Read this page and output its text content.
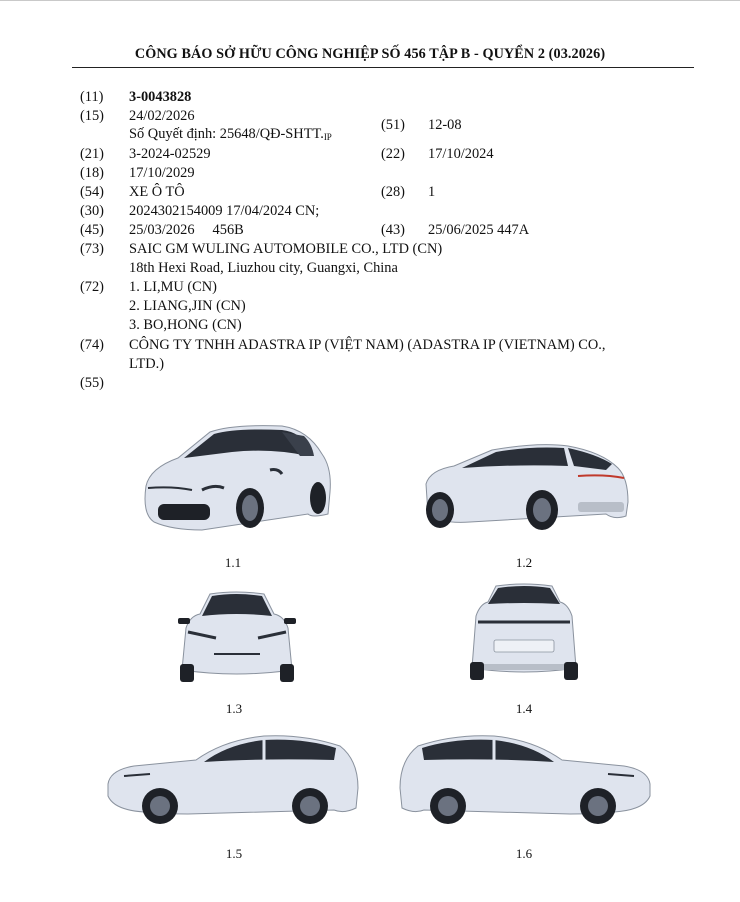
CÔNG BÁO SỞ HỮU CÔNG NGHIỆP SỐ 456 TẬP B - QUYỂN 2 (03.2026)
(11) 3-0043828
(15) 24/02/2026
Số Quyết định: $25648/QĐ-SHTT._{IP}$
(51) 12-08
(21) 3-2024-02529	(22) 17/10/2024
(18) 17/10/2029
(54) XE Ô TÔ	(28) 1
(30) 2024302154009 17/04/2024 CN;
(45) 25/03/2026     456B	(43) 25/06/2025 447A
(73) SAIC GM WULING AUTOMOBILE CO., LTD (CN)
18th Hexi Road, Liuzhou city, Guangxi, China
(72) 1. LI,MU (CN)
2. LIANG,JIN (CN)
3. BO,HONG (CN)
(74) CÔNG TY TNHH ADASTRA IP (VIỆT NAM) (ADASTRA IP (VIETNAM) CO.,
LTD.)
(55)
1.1	1.2
1.3	1.4
1.5	1.6
